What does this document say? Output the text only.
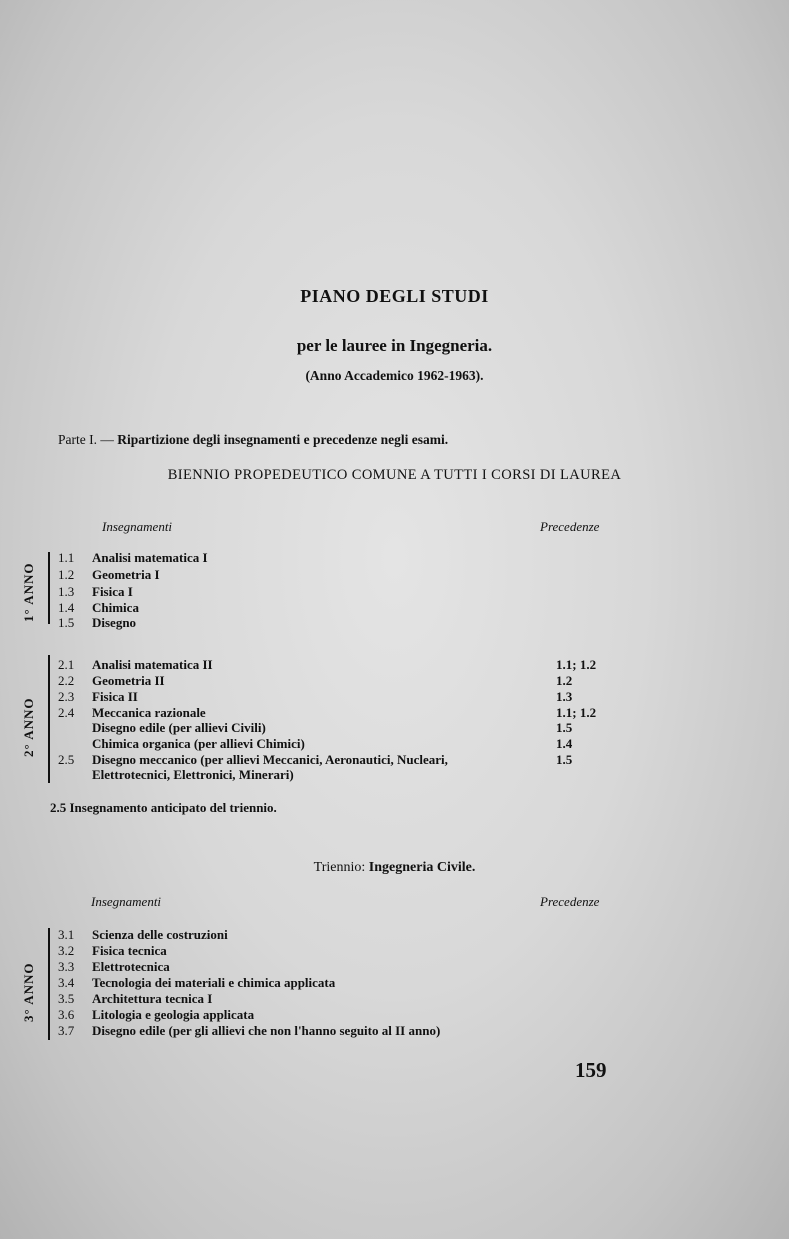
PIANO DEGLI STUDI
per le lauree in Ingegneria.
(Anno Accademico 1962-1963).
Parte I. — Ripartizione degli insegnamenti e precedenze negli esami.
BIENNIO PROPEDEUTICO COMUNE A TUTTI I CORSI DI LAUREA
Insegnamenti	Precedenze
1° ANNO
1.1 Analisi matematica I
1.2 Geometria I
1.3 Fisica I
1.4 Chimica
1.5 Disegno
2° ANNO
2.1 Analisi matematica II	1.1; 1.2
2.2 Geometria II	1.2
2.3 Fisica II	1.3
2.4 Meccanica razionale	1.1; 1.2
Disegno edile (per allievi Civili)	1.5
Chimica organica (per allievi Chimici)	1.4
2.5 Disegno meccanico (per allievi Meccanici, Aeronautici, Nucleari,	1.5
Elettrotecnici, Elettronici, Minerari)
2.5 Insegnamento anticipato del triennio.
Triennio: Ingegneria Civile.
Insegnamenti	Precedenze
3° ANNO
3.1 Scienza delle costruzioni
3.2 Fisica tecnica
3.3 Elettrotecnica
3.4 Tecnologia dei materiali e chimica applicata
3.5 Architettura tecnica I
3.6 Litologia e geologia applicata
3.7 Disegno edile (per gli allievi che non l'hanno seguito al II anno)
159
